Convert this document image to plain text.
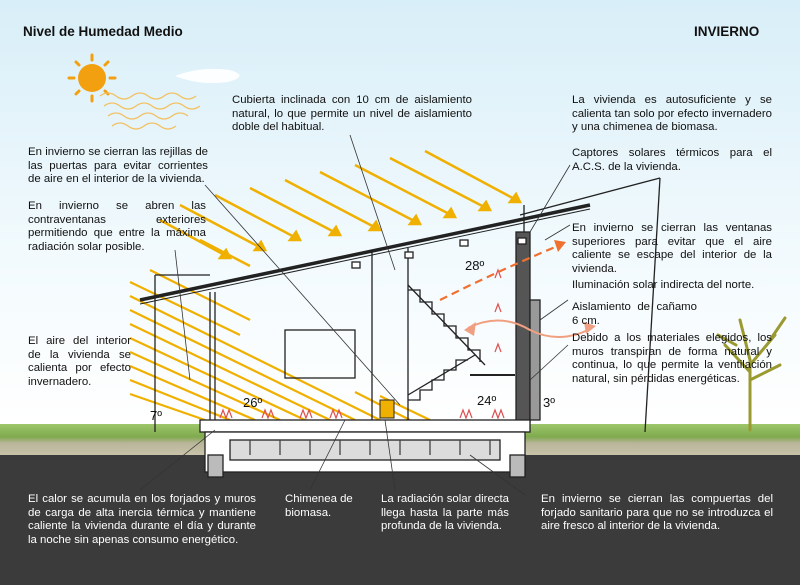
Nivel de Humedad Medio	INVIERNO
Cubierta inclinada con 10 cm de aislamiento natural, lo que permite un nivel de aislamiento doble del habitual.
La vivienda es autosuficiente y se calienta tan solo por efecto invernadero y una chimenea de biomasa.
En invierno se cierran las rejillas de las puertas para evitar corrientes de aire en el interior de la vivienda.
Captores solares térmicos para el A.C.S. de la vivienda.
En invierno se abren las contraventanas exteriores permitiendo que entre la máxima radiación solar posible.
En invierno se cierran las ventanas superiores para evitar que el aire caliente se escape del interior de la vivienda.
Iluminación solar indirecta del norte.
Aislamiento de cañamo 6 cm.
El aire del interior de la vivienda se calienta por efecto invernadero.
Debido a los materiales elegidos, los muros transpiran de forma natural y continua, lo que permite la ventilación natural, sin pérdidas energéticas.
28º
26º	24º
7º
3º
El calor se acumula en los forjados y muros de carga de alta inercia térmica y mantiene caliente la vivienda durante el día y durante la noche sin apenas consumo energético.
Chimenea de biomasa.
La radiación solar directa llega hasta la parte más profunda de la vivienda.
En invierno se cierran las compuertas del forjado sanitario para que no se introduzca el aire fresco al interior de la vivienda.
